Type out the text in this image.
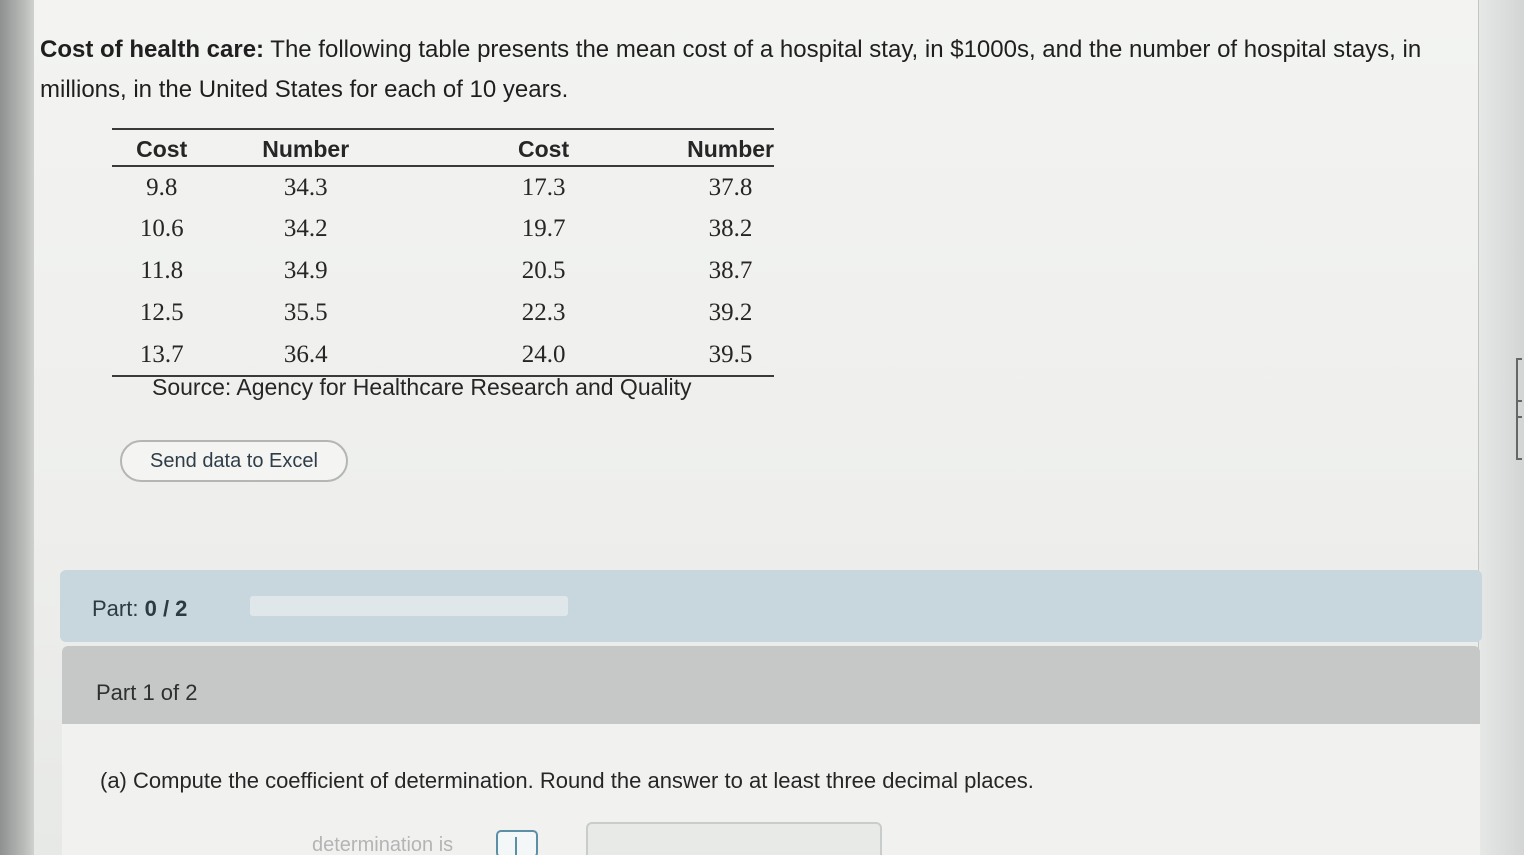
Cost of health care: The following table presents the mean cost of a hospital stay, in $1000s, and the number of hospital stays, in millions, in the United States for each of 10 years.
Cost	Number	Cost	Number
9.8	34.3	17.3	37.8
10.6	34.2	19.7	38.2
11.8	34.9	20.5	38.7
12.5	35.5	22.3	39.2
13.7	36.4	24.0	39.5
Source: Agency for Healthcare Research and Quality
Send data to Excel
Part: 0 / 2
Part 1 of 2
(a) Compute the coefficient of determination. Round the answer to at least three decimal places.
determination is
